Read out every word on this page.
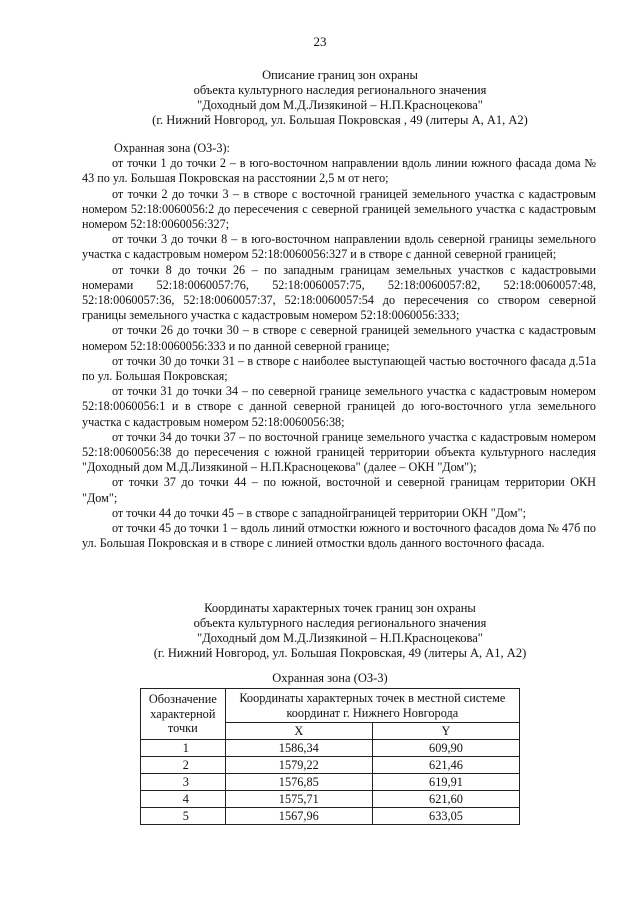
23
Описание границ зон охраны
объекта культурного наследия регионального значения
"Доходный дом М.Д.Лизякиной – Н.П.Красноцекова"
(г. Нижний Новгород, ул. Большая Покровская , 49 (литеры А, А1, А2)

Охранная зона (ОЗ-3):

от точки 1 до точки 2 – в юго-восточном направлении вдоль линии южного фасада дома № 43 по ул. Большая Покровская на расстоянии 2,5 м от него;

от точки 2 до точки 3 – в створе с восточной границей земельного участка с кадастровым номером 52:18:0060056:2 до пересечения с северной границей земельного участка с кадастровым номером 52:18:0060056:327;

от точки 3 до точки 8 – в юго-восточном направлении вдоль северной границы земельного участка с кадастровым номером 52:18:0060056:327 и в створе с данной северной границей;

от точки 8 до точки 26 – по западным границам земельных участков с кадастровыми номерами 52:18:0060057:76, 52:18:0060057:75, 52:18:0060057:82, 52:18:0060057:48, 52:18:0060057:36, 52:18:0060057:37, 52:18:0060057:54 до пересечения со створом северной границы земельного участка с кадастровым номером 52:18:0060056:333;

от точки 26 до точки 30 – в створе с северной границей земельного участка с кадастровым номером 52:18:0060056:333 и по данной северной границе;

от точки 30 до точки 31 – в створе с наиболее выступающей частью восточного фасада д.51а по ул. Большая Покровская;

от точки 31 до точки 34 – по северной границе земельного участка с кадастровым номером 52:18:0060056:1 и в створе с данной северной границей до юго-восточного угла земельного участка с кадастровым номером 52:18:0060056:38;

от точки 34 до точки 37 – по восточной границе земельного участка с кадастровым номером 52:18:0060056:38 до пересечения с южной границей территории объекта культурного наследия "Доходный дом М.Д.Лизякиной – Н.П.Красноцекова" (далее – ОКН "Дом");

от точки 37 до точки 44 – по южной, восточной и северной границам территории ОКН "Дом";

от точки 44 до точки 45 – в створе с западнойграницей территории ОКН "Дом";

от точки 45 до точки 1 – вдоль линий отмостки южного и восточного фасадов дома № 47б по ул. Большая Покровская и в створе с линией отмостки вдоль данного восточного фасада.

Координаты характерных точек границ зон охраны
объекта культурного наследия регионального значения
"Доходный дом М.Д.Лизякиной – Н.П.Красноцекова"
(г. Нижний Новгород, ул. Большая Покровская, 49 (литеры А, А1, А2)
Охранная зона (ОЗ-3)
Обозначение характерной точки	Координаты характерных точек в местной системе координат г. Нижнего Новгорода	
	X	Y
1	1586,34	609,90
2	1579,22	621,46
3	1576,85	619,91
4	1575,71	621,60
5	1567,96	633,05
